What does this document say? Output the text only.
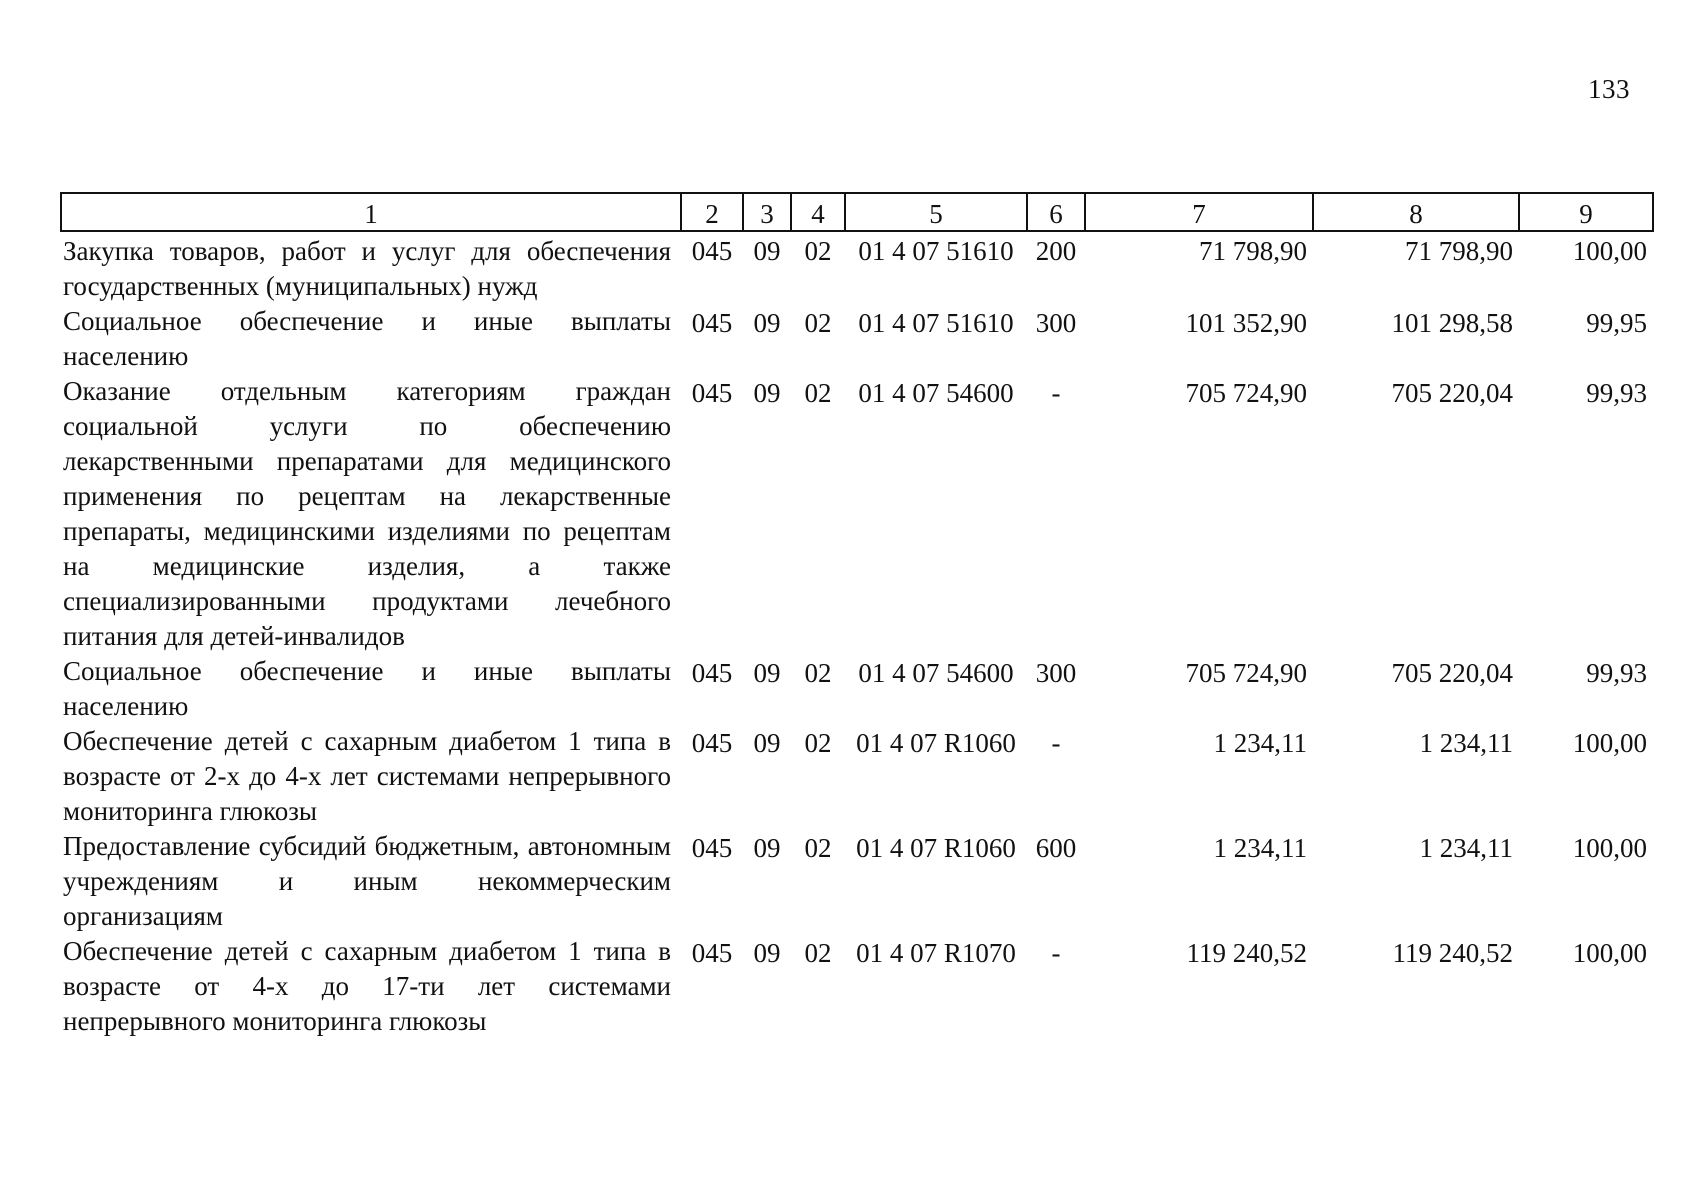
133
1	2	3	4	5	6	7	8	9
Закупка товаров, работ и услуг для обеспечения государственных (муниципальных) нужд	045	09	02	01 4 07 51610	200	71 798,90	71 798,90	100,00
Социальное обеспечение и иные выплаты населению	045	09	02	01 4 07 51610	300	101 352,90	101 298,58	99,95
Оказание отдельным категориям граждан социальной услуги по обеспечению лекарственными препаратами для медицинского применения по рецептам на лекарственные препараты, медицинскими изделиями по рецептам на медицинские изделия, а также специализированными продуктами лечебного питания для детей-инвалидов	045	09	02	01 4 07 54600	-	705 724,90	705 220,04	99,93
Социальное обеспечение и иные выплаты населению	045	09	02	01 4 07 54600	300	705 724,90	705 220,04	99,93
Обеспечение детей с сахарным диабетом 1 типа в возрасте от 2-х до 4-х лет системами непрерывного мониторинга глюкозы	045	09	02	01 4 07 R1060	-	1 234,11	1 234,11	100,00
Предоставление субсидий бюджетным, автономным учреждениям и иным некоммерческим организациям	045	09	02	01 4 07 R1060	600	1 234,11	1 234,11	100,00
Обеспечение детей с сахарным диабетом 1 типа в возрасте от 4-х до 17-ти лет системами непрерывного мониторинга глюкозы	045	09	02	01 4 07 R1070	-	119 240,52	119 240,52	100,00
